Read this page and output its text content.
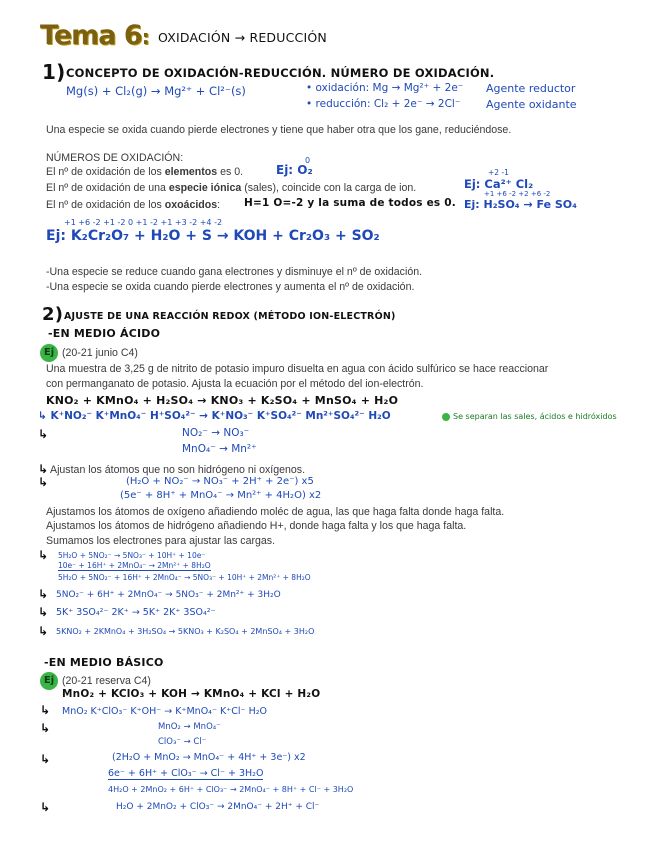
Tema 6: OXIDACIÓN → REDUCCIÓN
1) CONCEPTO DE OXIDACIÓN-REDUCCIÓN. NÚMERO DE OXIDACIÓN.
Mg(s) + Cl₂(g) → Mg²⁺ + Cl²⁻(s)	• oxidación: Mg → Mg²⁺ + 2e⁻ Agente reductor
• reducción: Cl₂ + 2e⁻ → 2Cl⁻ Agente oxidante
Una especie se oxida cuando pierde electrones y tiene que haber otra que los gane, reduciéndose.
NÚMEROS DE OXIDACIÓN:
El nº de oxidación de los elementos es 0.
0
Ej: O₂
El nº de oxidación de una especie iónica (sales), coincide con la carga de ion.
+2 -1
Ej: Ca²⁺ Cl₂
El nº de oxidación de los oxoácidos: H=1 O=-2 y la suma de todos es 0.
+1 +6 -2 +2 +6 -2
Ej: H₂SO₄ → Fe SO₄
+1 +6 -2 +1 -2 0 +1 -2 +1 +3 -2 +4 -2
Ej: K₂Cr₂O₇ + H₂O + S → KOH + Cr₂O₃ + SO₂
-Una especie se reduce cuando gana electrones y disminuye el nº de oxidación.
-Una especie se oxida cuando pierde electrones y aumenta el nº de oxidación.
2) AJUSTE DE UNA REACCIÓN REDOX (MÉTODO ION-ELECTRÓN)
-EN MEDIO ÁCIDO
Ej (20-21 junio C4)
Una muestra de 3,25 g de nitrito de potasio impuro disuelta en agua con ácido sulfúrico se hace reaccionar
con permanganato de potasio. Ajusta la ecuación por el método del ion-electrón.
KNO₂ + KMnO₄ + H₂SO₄ → KNO₃ + K₂SO₄ + MnSO₄ + H₂O
↳ K⁺NO₂⁻ K⁺MnO₄⁻ H⁺SO₄²⁻ → K⁺NO₃⁻ K⁺SO₄²⁻ Mn²⁺SO₄²⁻ H₂O	Se separan las sales, ácidos e hidróxidos
↳	NO₂⁻ → NO₃⁻
MnO₄⁻ → Mn²⁺
↳ Ajustan los átomos que no son hidrógeno ni oxígenos.
↳	(H₂O + NO₂⁻ → NO₃⁻ + 2H⁺ + 2e⁻) x5
(5e⁻ + 8H⁺ + MnO₄⁻ → Mn²⁺ + 4H₂O) x2
Ajustamos los átomos de oxígeno añadiendo moléc de agua, las que haga falta donde haga falta.
Ajustamos los átomos de hidrógeno añadiendo H+, donde haga falta y los que haga falta.
Sumamos los electrones para ajustar las cargas.
↳ 5H₂O + 5NO₂⁻ → 5NO₃⁻ + 10H⁺ + 10e⁻
10e⁻ + 16H⁺ + 2MnO₄⁻ → 2Mn²⁺ + 8H₂O
5H₂O + 5NO₂⁻ + 16H⁺ + 2MnO₄⁻ → 5NO₃⁻ + 10H⁺ + 2Mn²⁺ + 8H₂O
↳ 5NO₂⁻ + 6H⁺ + 2MnO₄⁻ → 5NO₃⁻ + 2Mn²⁺ + 3H₂O
↳ 5K⁺ 3SO₄²⁻ 2K⁺ → 5K⁺ 2K⁺ 3SO₄²⁻
↳ 5KNO₂ + 2KMnO₄ + 3H₂SO₄ → 5KNO₃ + K₂SO₄ + 2MnSO₄ + 3H₂O
-EN MEDIO BÁSICO
Ej (20-21 reserva C4)
MnO₂ + KClO₃ + KOH → KMnO₄ + KCl + H₂O
↳ MnO₂ K⁺ClO₃⁻ K⁺OH⁻ → K⁺MnO₄⁻ K⁺Cl⁻ H₂O
↳	MnO₂ → MnO₄⁻
ClO₃⁻ → Cl⁻
↳	(2H₂O + MnO₂ → MnO₄⁻ + 4H⁺ + 3e⁻) x2
6e⁻ + 6H⁺ + ClO₃⁻ → Cl⁻ + 3H₂O
4H₂O + 2MnO₂ + 6H⁺ + ClO₃⁻ → 2MnO₄⁻ + 8H⁺ + Cl⁻ + 3H₂O
↳	H₂O + 2MnO₂ + ClO₃⁻ → 2MnO₄⁻ + 2H⁺ + Cl⁻
